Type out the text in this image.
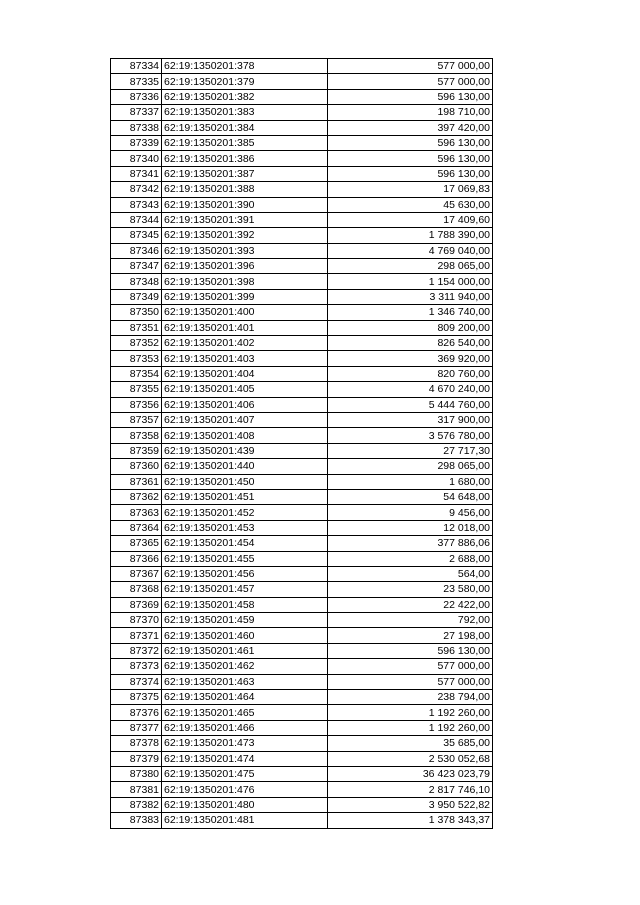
87334	62:19:1350201:378	577 000,00
87335	62:19:1350201:379	577 000,00
87336	62:19:1350201:382	596 130,00
87337	62:19:1350201:383	198 710,00
87338	62:19:1350201:384	397 420,00
87339	62:19:1350201:385	596 130,00
87340	62:19:1350201:386	596 130,00
87341	62:19:1350201:387	596 130,00
87342	62:19:1350201:388	17 069,83
87343	62:19:1350201:390	45 630,00
87344	62:19:1350201:391	17 409,60
87345	62:19:1350201:392	1 788 390,00
87346	62:19:1350201:393	4 769 040,00
87347	62:19:1350201:396	298 065,00
87348	62:19:1350201:398	1 154 000,00
87349	62:19:1350201:399	3 311 940,00
87350	62:19:1350201:400	1 346 740,00
87351	62:19:1350201:401	809 200,00
87352	62:19:1350201:402	826 540,00
87353	62:19:1350201:403	369 920,00
87354	62:19:1350201:404	820 760,00
87355	62:19:1350201:405	4 670 240,00
87356	62:19:1350201:406	5 444 760,00
87357	62:19:1350201:407	317 900,00
87358	62:19:1350201:408	3 576 780,00
87359	62:19:1350201:439	27 717,30
87360	62:19:1350201:440	298 065,00
87361	62:19:1350201:450	1 680,00
87362	62:19:1350201:451	54 648,00
87363	62:19:1350201:452	9 456,00
87364	62:19:1350201:453	12 018,00
87365	62:19:1350201:454	377 886,06
87366	62:19:1350201:455	2 688,00
87367	62:19:1350201:456	564,00
87368	62:19:1350201:457	23 580,00
87369	62:19:1350201:458	22 422,00
87370	62:19:1350201:459	792,00
87371	62:19:1350201:460	27 198,00
87372	62:19:1350201:461	596 130,00
87373	62:19:1350201:462	577 000,00
87374	62:19:1350201:463	577 000,00
87375	62:19:1350201:464	238 794,00
87376	62:19:1350201:465	1 192 260,00
87377	62:19:1350201:466	1 192 260,00
87378	62:19:1350201:473	35 685,00
87379	62:19:1350201:474	2 530 052,68
87380	62:19:1350201:475	36 423 023,79
87381	62:19:1350201:476	2 817 746,10
87382	62:19:1350201:480	3 950 522,82
87383	62:19:1350201:481	1 378 343,37
